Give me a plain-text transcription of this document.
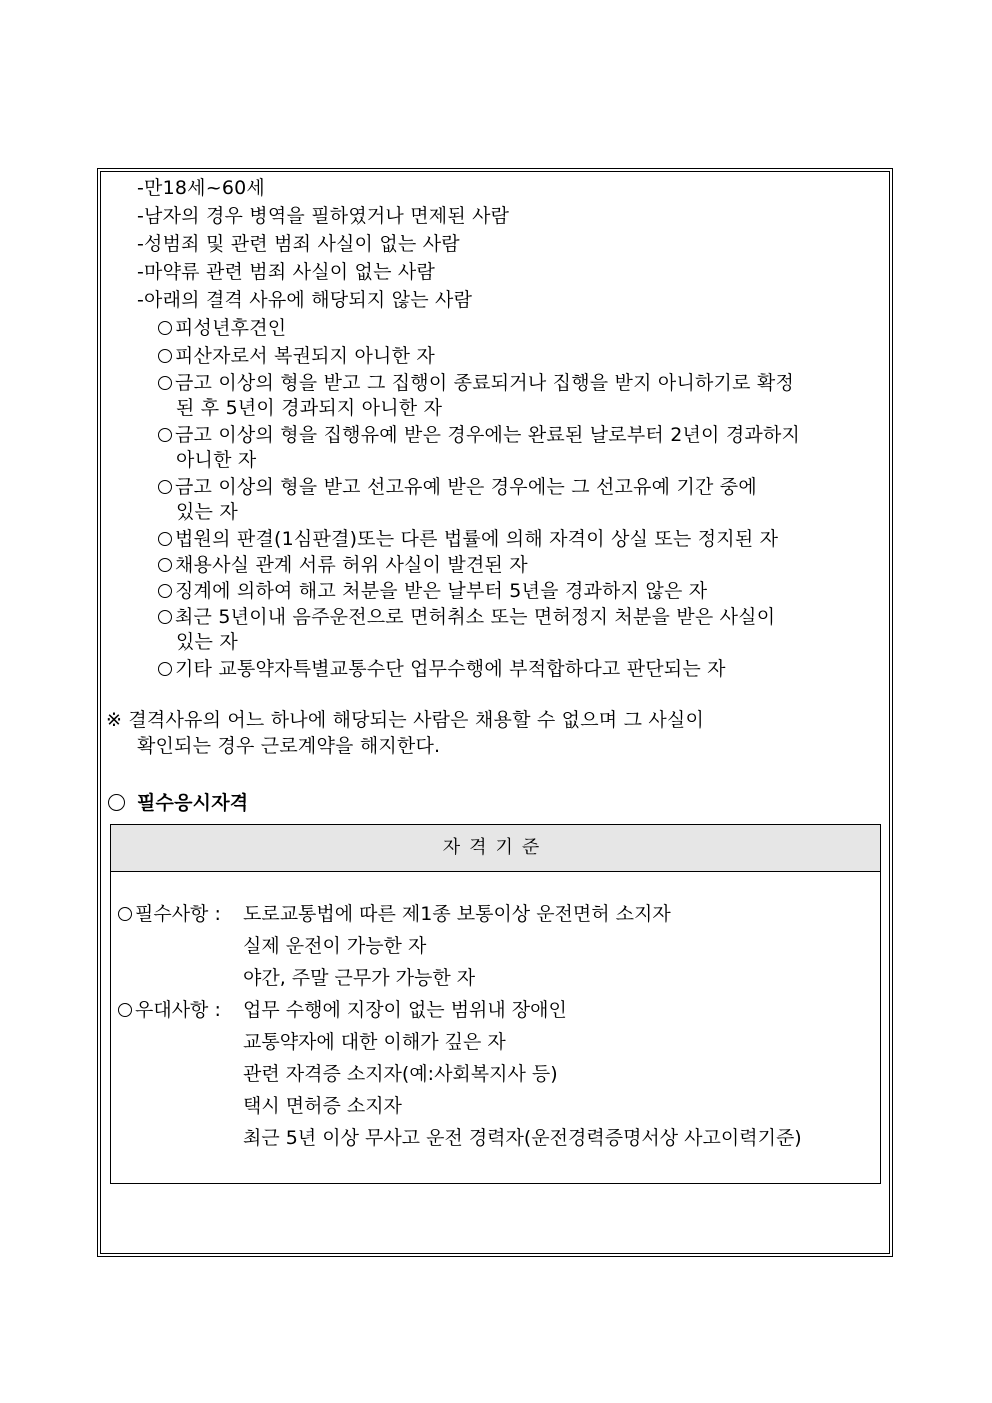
-만18세~60세
-남자의 경우 병역을 필하였거나 면제된 사람
-성범죄 및 관련 범죄 사실이 없는 사람
-마약류 관련 범죄 사실이 없는 사람
-아래의 결격 사유에 해당되지 않는 사람
피성년후견인
피산자로서 복권되지 아니한 자
금고 이상의 형을 받고 그 집행이 종료되거나 집행을 받지 아니하기로 확정
된 후 5년이 경과되지 아니한 자
금고 이상의 형을 집행유예 받은 경우에는 완료된 날로부터 2년이 경과하지
아니한 자
금고 이상의 형을 받고 선고유예 받은 경우에는 그 선고유예 기간 중에
있는 자
법원의 판결(1심판결)또는 다른 법률에 의해 자격이 상실 또는 정지된 자
채용사실 관계 서류 허위 사실이 발견된 자
징계에 의하여 해고 처분을 받은 날부터 5년을 경과하지 않은 자
최근 5년이내 음주운전으로 면허취소 또는 면허정지 처분을 받은 사실이
있는 자
기타 교통약자특별교통수단 업무수행에 부적합하다고 판단되는 자
※ 결격사유의 어느 하나에 해당되는 사람은 채용할 수 없으며 그 사실이
확인되는 경우 근로계약을 해지한다.
필수응시자격
자격기준
필수사항 : 도로교통법에 따른 제1종 보통이상 운전면허 소지자
실제 운전이 가능한 자
야간, 주말 근무가 가능한 자
우대사항 : 업무 수행에 지장이 없는 범위내 장애인
교통약자에 대한 이해가 깊은 자
관련 자격증 소지자(예:사회복지사 등)
택시 면허증 소지자
최근 5년 이상 무사고 운전 경력자(운전경력증명서상 사고이력기준)
